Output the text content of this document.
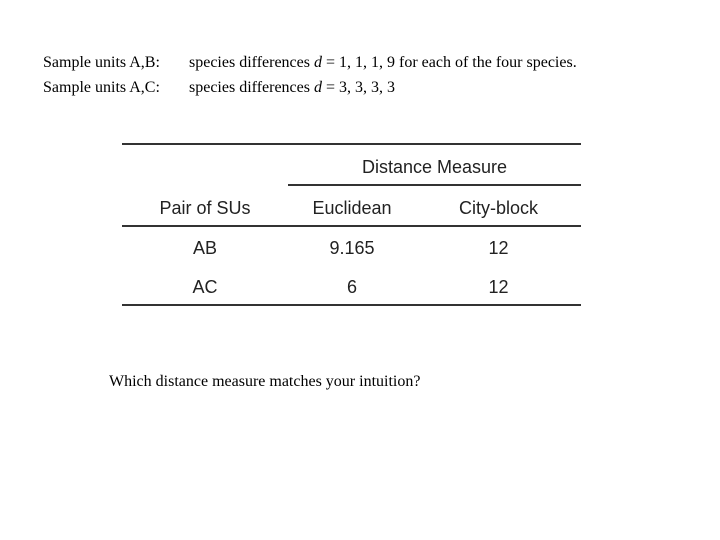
Sample units A,B: species differences d = 1, 1, 1, 9 for each of the four species.
Sample units A,C: species differences d = 3, 3, 3, 3
Distance Measure
Pair of SUs	Euclidean	City-block
AB	9.165	12
AC	6	12
Which distance measure matches your intuition?
